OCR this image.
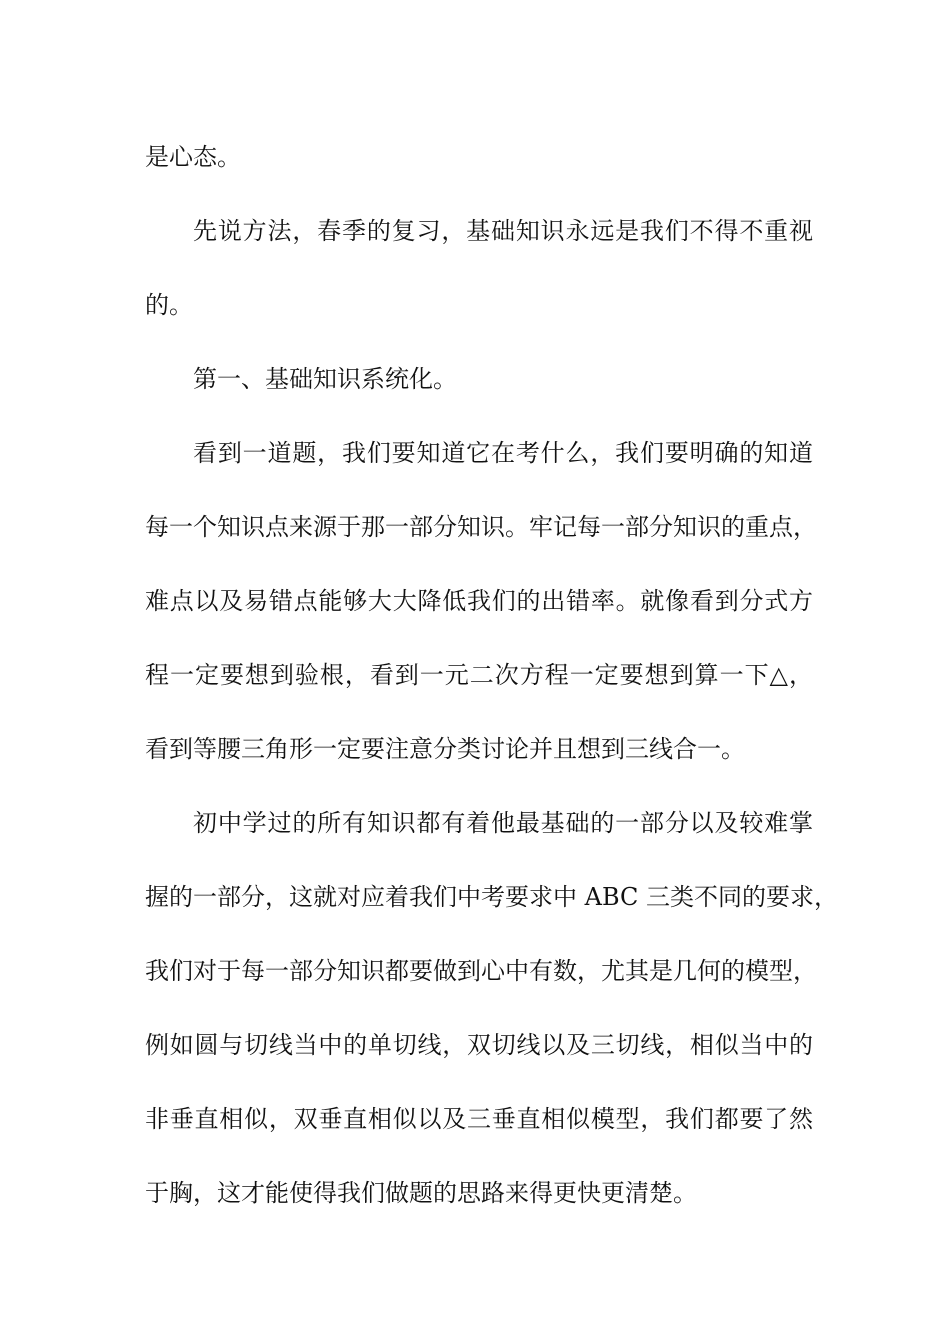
是心态。
先说方法，春季的复习，基础知识永远是我们不得不重视
的。
第一、基础知识系统化。
看到一道题，我们要知道它在考什么，我们要明确的知道
每一个知识点来源于那一部分知识。牢记每一部分知识的重点，
难点以及易错点能够大大降低我们的出错率。就像看到分式方
程一定要想到验根，看到一元二次方程一定要想到算一下△，
看到等腰三角形一定要注意分类讨论并且想到三线合一。
初中学过的所有知识都有着他最基础的一部分以及较难掌
握的一部分，这就对应着我们中考要求中 ABC 三类不同的要求，
我们对于每一部分知识都要做到心中有数，尤其是几何的模型，
例如圆与切线当中的单切线，双切线以及三切线，相似当中的
非垂直相似，双垂直相似以及三垂直相似模型，我们都要了然
于胸，这才能使得我们做题的思路来得更快更清楚。
